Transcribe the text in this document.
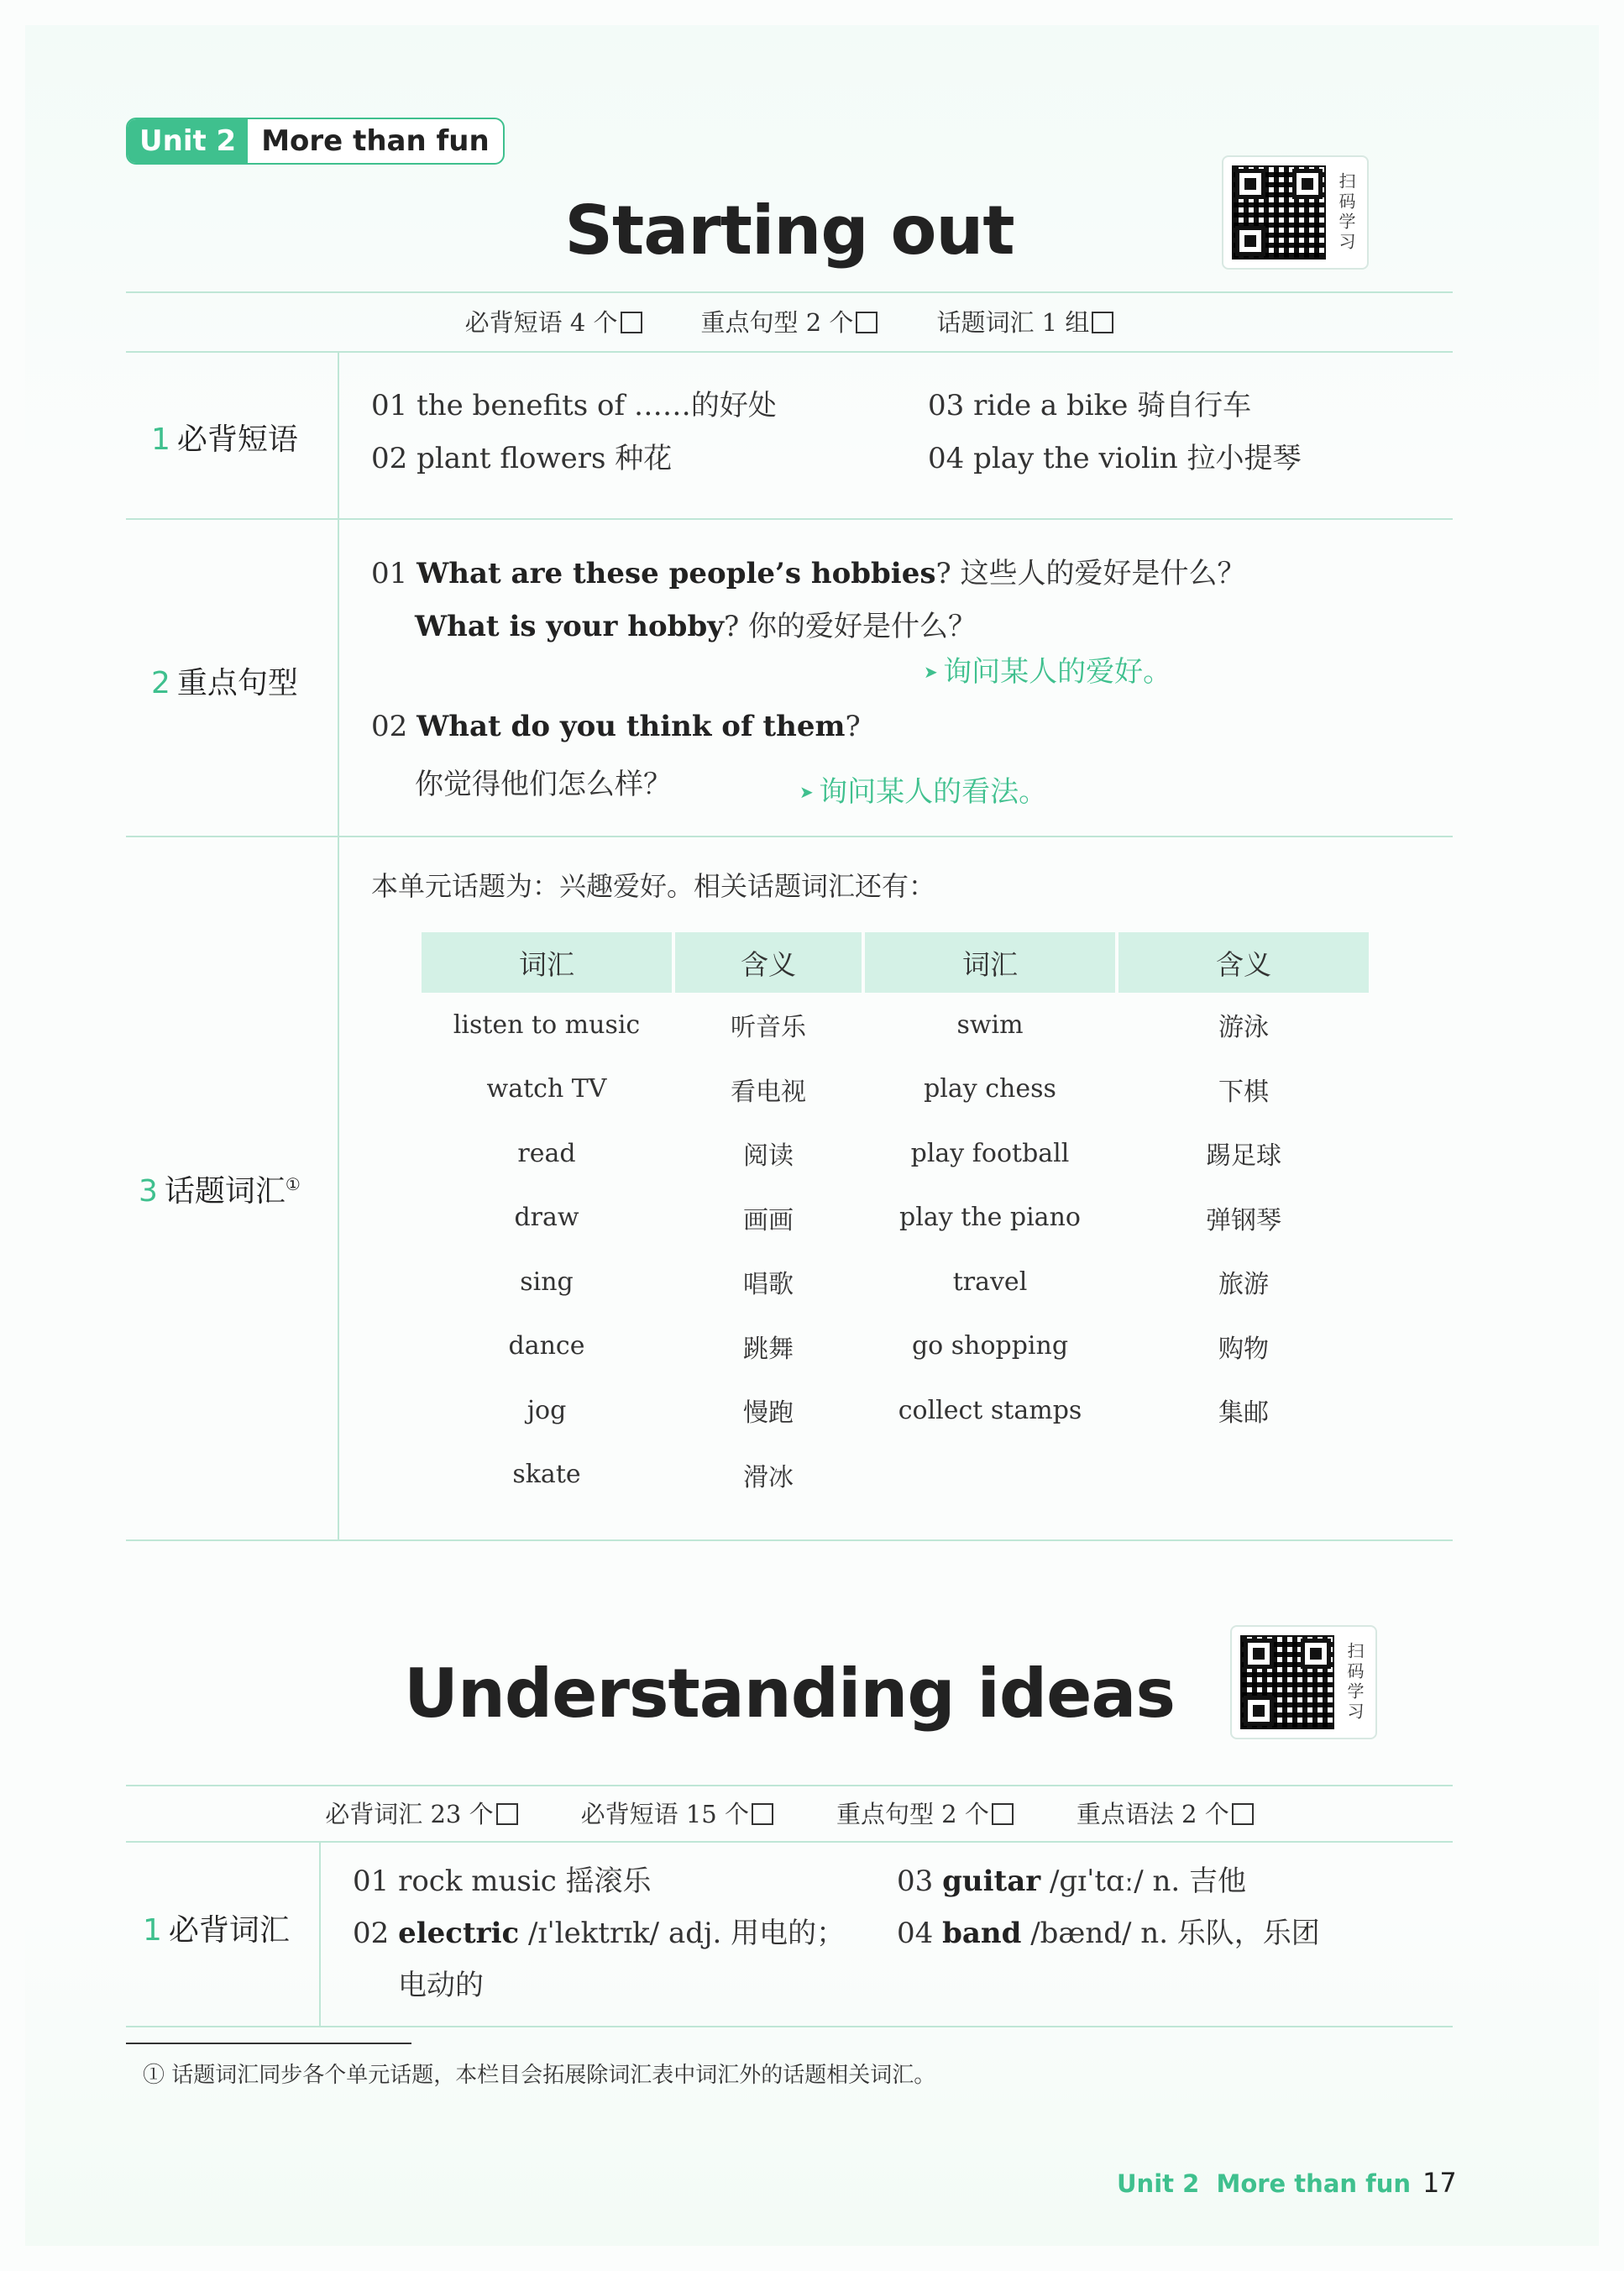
Unit 2 More than fun
Starting out	扫码学习
必背短语 4 个	重点句型 2 个	话题词汇 1 组
1 必背短语
01 the benefits of ……的好处
02 plant flowers 种花
03 ride a bike 骑自行车
04 play the violin 拉小提琴
2 重点句型
01 What are these people’s hobbies? 这些人的爱好是什么？
What is your hobby? 你的爱好是什么？
➤ 询问某人的爱好。
02 What do you think of them?
你觉得他们怎么样？	➤ 询问某人的看法。
3 话题词汇①
本单元话题为：兴趣爱好。相关话题词汇还有：
词汇	含义	词汇	含义
listen to music	听音乐	swim	游泳
watch TV	看电视	play chess	下棋
read	阅读	play football	踢足球
draw	画画	play the piano	弹钢琴
sing	唱歌	travel	旅游
dance	跳舞	go shopping	购物
jog	慢跑	collect stamps	集邮
skate	滑冰		
Understanding ideas	扫码学习
必背词汇 23 个	必背短语 15 个	重点句型 2 个	重点语法 2 个
1 必背词汇
01 rock music 摇滚乐
02 electric /ɪˈlektrɪk/ adj. 用电的；
电动的
03 guitar /ɡɪˈtɑː/ n. 吉他
04 band /bænd/ n. 乐队，乐团
① 话题词汇同步各个单元话题，本栏目会拓展除词汇表中词汇外的话题相关词汇。
Unit 2  More than fun 17
